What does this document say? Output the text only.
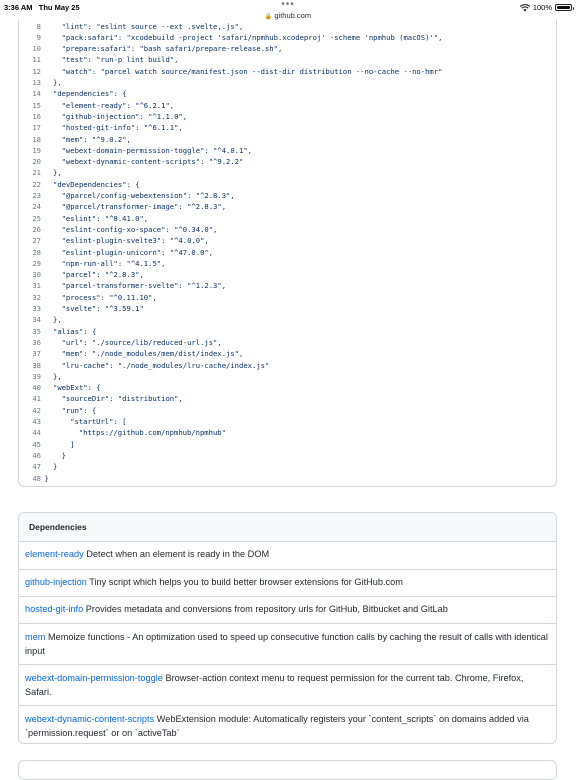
3:36 AM Thu May 25	•••
🔒 github.com
100%
8	"lint": "eslint source --ext .svelte,.js",
9	"pack:safari": "xcodebuild -project 'safari/npmhub.xcodeproj' -scheme 'npmhub (macOS)'",
10	"prepare:safari": "bash safari/prepare-release.sh",
11	"test": "run-p lint build",
12	"watch": "parcel watch source/manifest.json --dist-dir distribution --no-cache --no-hmr"
13 },
14 "dependencies": {
15	"element-ready": "^6.2.1",
16	"github-injection": "^1.1.0",
17	"hosted-git-info": "^6.1.1",
18	"mem": "^9.0.2",
19	"webext-domain-permission-toggle": "^4.0.1",
20	"webext-dynamic-content-scripts": "^9.2.2"
21 },
22 "devDependencies": {
23	"@parcel/config-webextension": "^2.8.3",
24	"@parcel/transformer-image": "^2.8.3",
25	"eslint": "^8.41.0",
26	"eslint-config-xo-space": "^0.34.0",
27	"eslint-plugin-svelte3": "^4.0.0",
28	"eslint-plugin-unicorn": "^47.0.0",
29	"npm-run-all": "^4.1.5",
30	"parcel": "^2.8.3",
31	"parcel-transformer-svelte": "^1.2.3",
32	"process": "^0.11.10",
33	"svelte": "^3.59.1"
34 },
35 "alias": {
36	"url": "./source/lib/reduced-url.js",
37	"mem": "./node_modules/mem/dist/index.js",
38	"lru-cache": "./node_modules/lru-cache/index.js"
39 },
40 "webExt": {
41	"sourceDir": "distribution",
42	"run": {
43	"startUrl": [
44	"https://github.com/npmhub/npmhub"
45	]
46	}
47 }
48 }
Dependencies
element-ready Detect when an element is ready in the DOM
github-injection Tiny script which helps you to build better browser extensions for GitHub.com
hosted-git-info Provides metadata and conversions from repository urls for GitHub, Bitbucket and GitLab
mem Memoize functions - An optimization used to speed up consecutive function calls by caching the result of calls with identical input
webext-domain-permission-toggle Browser-action context menu to request permission for the current tab. Chrome, Firefox, Safari.
webext-dynamic-content-scripts WebExtension module: Automatically registers your `content_scripts` on domains added via `permission.request` or on `activeTab`
